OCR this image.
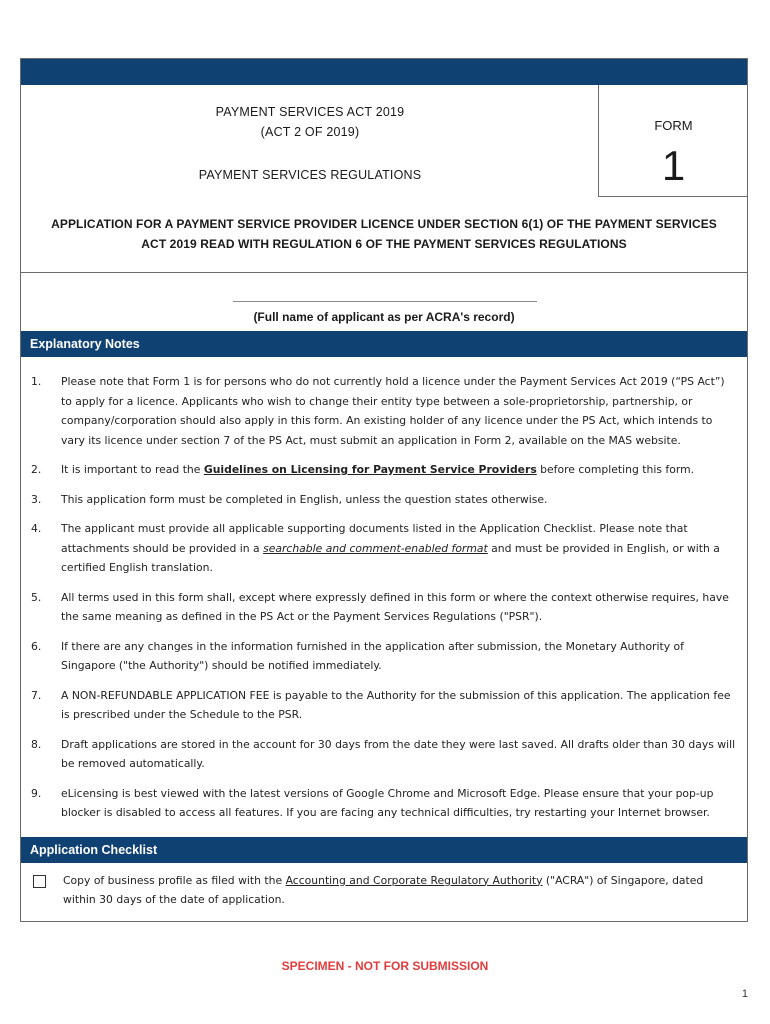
PAYMENT SERVICES ACT 2019
(ACT 2 OF 2019)
PAYMENT SERVICES REGULATIONS
FORM
1
APPLICATION FOR A PAYMENT SERVICE PROVIDER LICENCE UNDER SECTION 6(1) OF THE PAYMENT SERVICES ACT 2019 READ WITH REGULATION 6 OF THE PAYMENT SERVICES REGULATIONS
(Full name of applicant as per ACRA's record)
Explanatory Notes
1.	Please note that Form 1 is for persons who do not currently hold a licence under the Payment Services Act 2019 (“PS Act”) to apply for a licence. Applicants who wish to change their entity type between a sole-proprietorship, partnership, or company/corporation should also apply in this form. An existing holder of any licence under the PS Act, which intends to vary its licence under section 7 of the PS Act, must submit an application in Form 2, available on the MAS website.
2.	It is important to read the Guidelines on Licensing for Payment Service Providers before completing this form.
3.	This application form must be completed in English, unless the question states otherwise.
4.	The applicant must provide all applicable supporting documents listed in the Application Checklist. Please note that attachments should be provided in a searchable and comment-enabled format and must be provided in English, or with a certified English translation.
5.	All terms used in this form shall, except where expressly defined in this form or where the context otherwise requires, have the same meaning as defined in the PS Act or the Payment Services Regulations ("PSR").
6.	If there are any changes in the information furnished in the application after submission, the Monetary Authority of Singapore ("the Authority") should be notified immediately.
7.	A NON-REFUNDABLE APPLICATION FEE is payable to the Authority for the submission of this application. The application fee is prescribed under the Schedule to the PSR.
8.	Draft applications are stored in the account for 30 days from the date they were last saved. All drafts older than 30 days will be removed automatically.
9.	eLicensing is best viewed with the latest versions of Google Chrome and Microsoft Edge. Please ensure that your pop-up blocker is disabled to access all features. If you are facing any technical difficulties, try restarting your Internet browser.
Application Checklist
Copy of business profile as filed with the Accounting and Corporate Regulatory Authority ("ACRA") of Singapore, dated within 30 days of the date of application.
SPECIMEN - NOT FOR SUBMISSION
1
